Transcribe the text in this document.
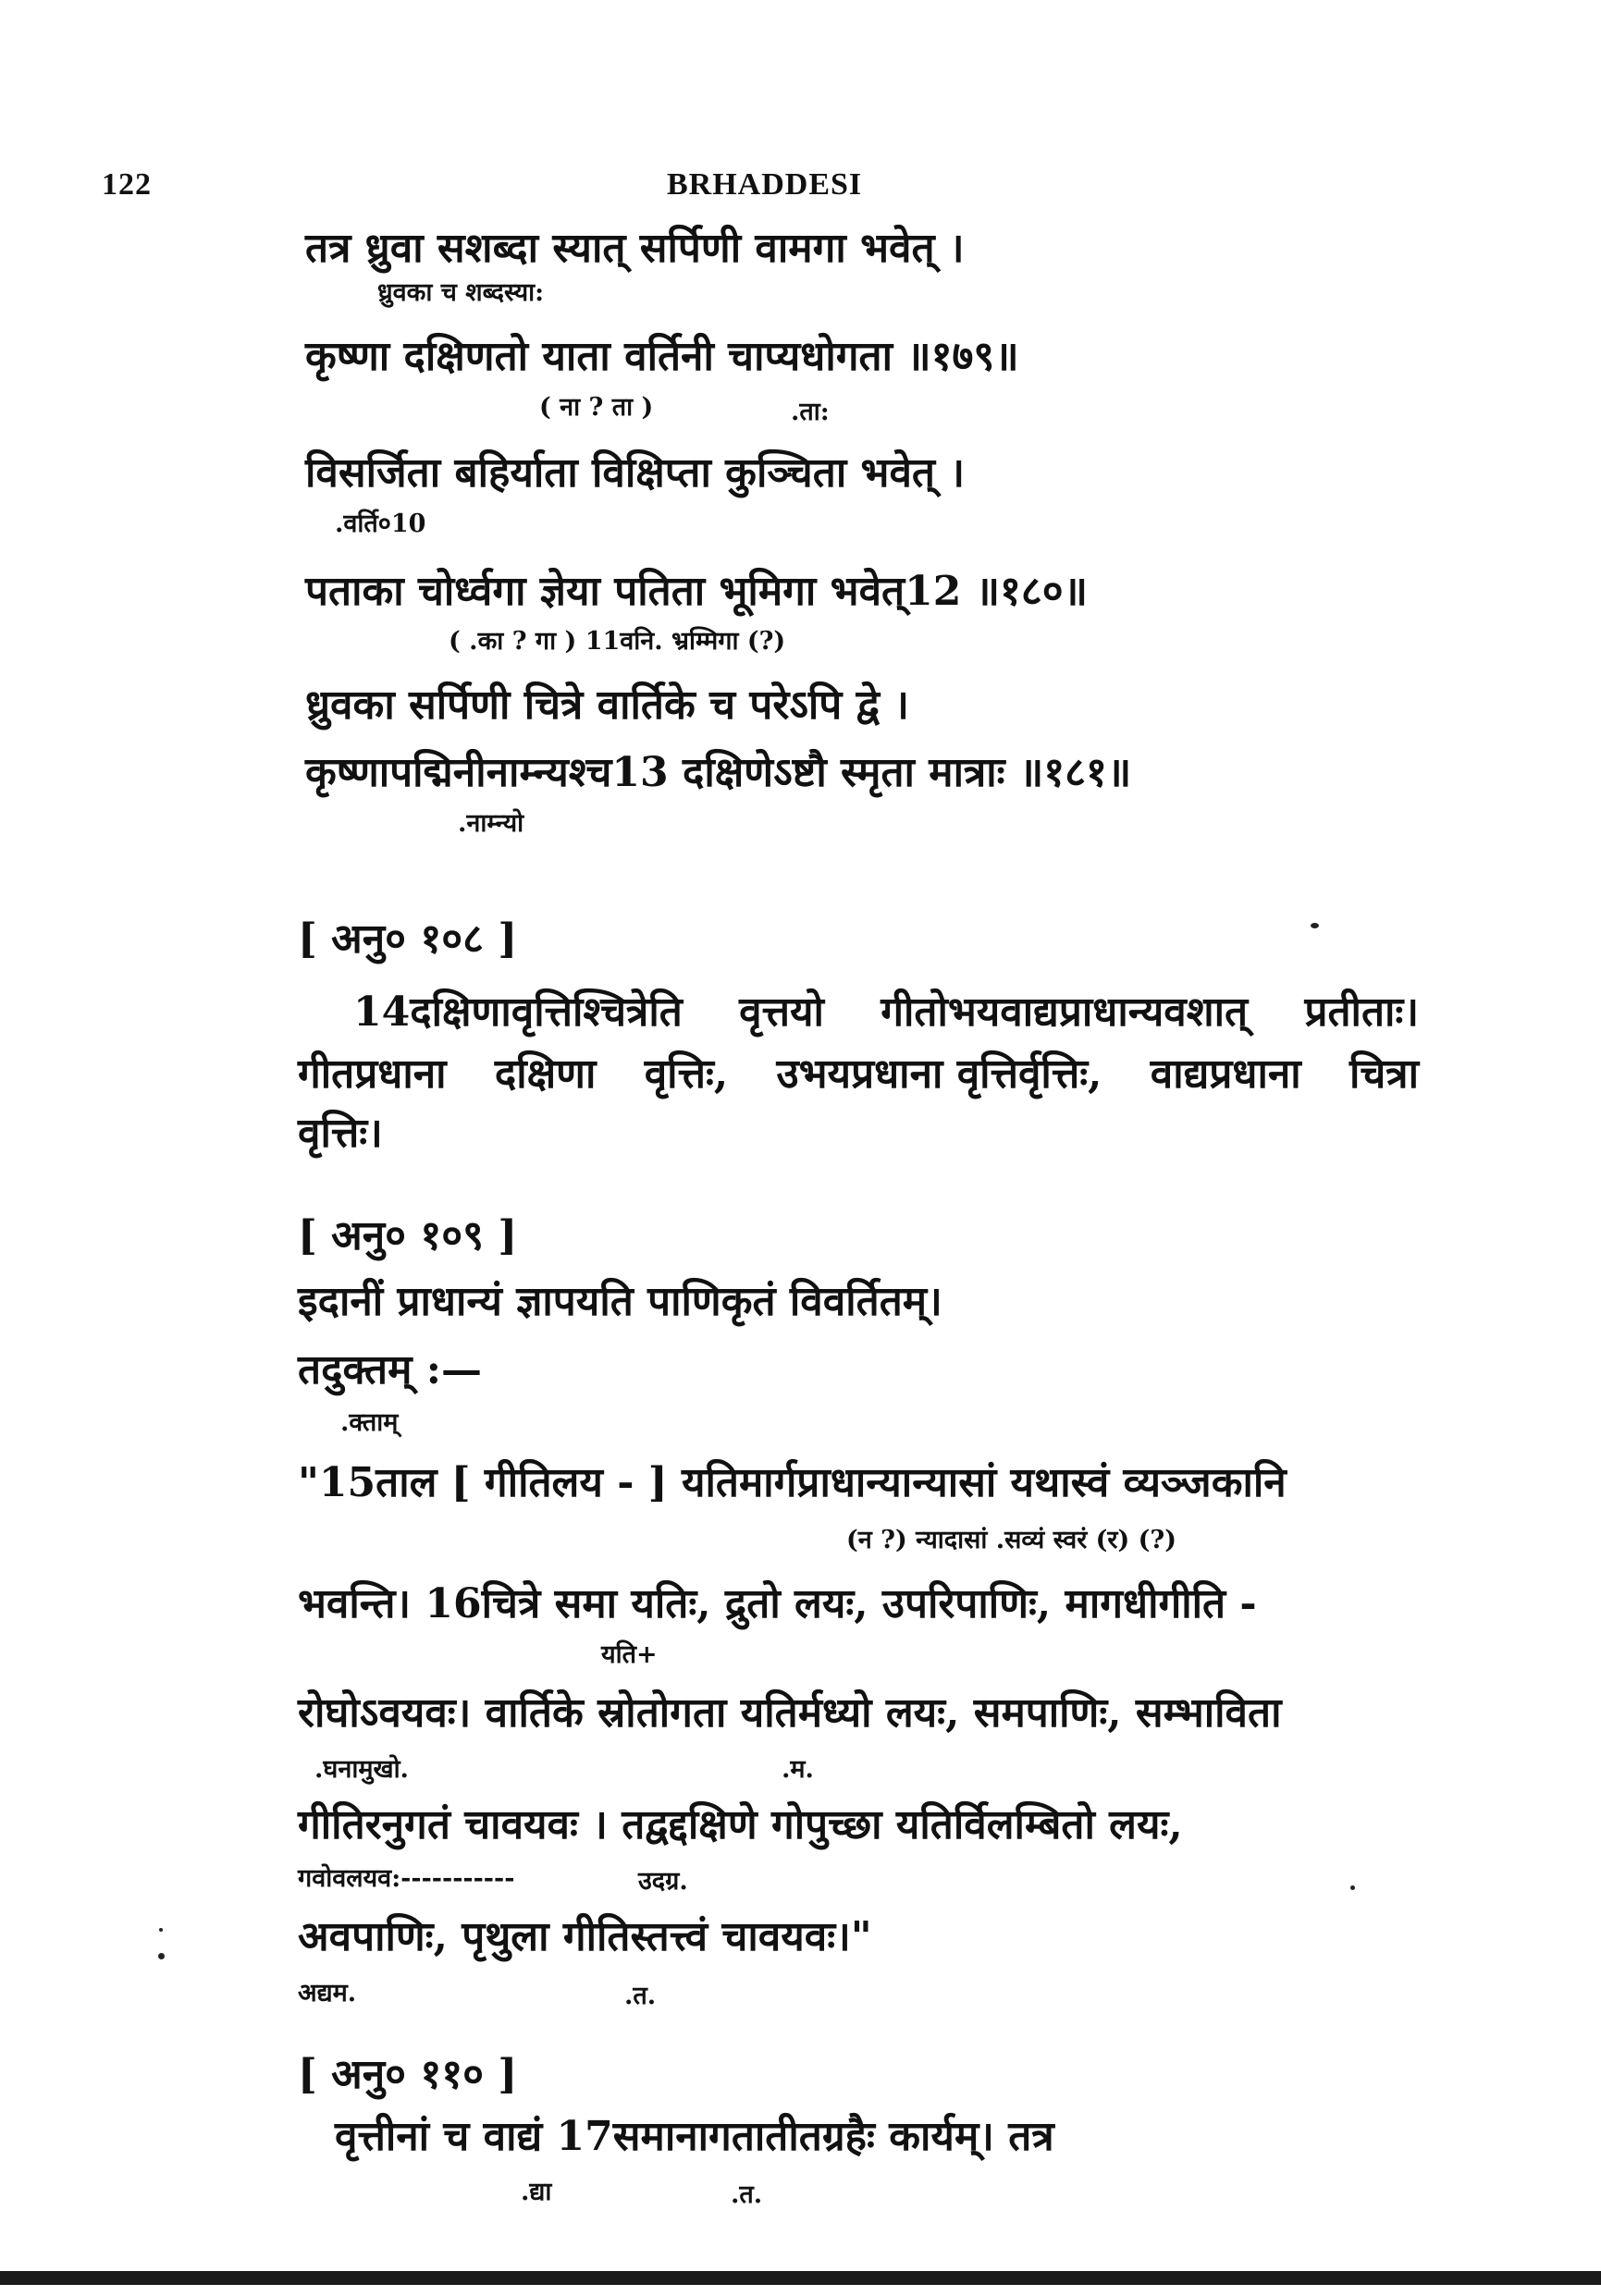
122	BRHADDESI
तत्र ध्रुवा सशब्दा स्यात् सर्पिणी वामगा भवेत् ।
ध्रुवका च शब्दस्या:
कृष्णा दक्षिणतो याता वर्तिनी चाप्यधोगता ॥१७९॥
( ना ? ता )	.ता:
विसर्जिता बहिर्याता विक्षिप्ता कुञ्चिता भवेत् ।
.वर्ति०10
पताका चोर्ध्वगा ज्ञेया पतिता भूमिगा भवेत्12 ॥१८०॥
( .का ? गा ) 11वनि. भ्रम्मिगा (?)
ध्रुवका सर्पिणी चित्रे वार्तिके च परेऽपि द्वे ।
कृष्णापद्मिनीनाम्न्यश्च13 दक्षिणेऽष्टौ स्मृता मात्राः ॥१८१॥
.नाम्न्यो
[ अनु० १०८ ]
14दक्षिणावृत्तिश्चित्रेति वृत्तयो गीतोभयवाद्यप्राधान्यवशात् प्रतीताः।
गीतप्रधाना दक्षिणा वृत्तिः, उभयप्रधाना वृत्तिर्वृत्तिः, वाद्यप्रधाना चित्रा
वृत्तिः।
[ अनु० १०९ ]
इदानीं प्राधान्यं ज्ञापयति पाणिकृतं विवर्तितम्।
तदुक्तम् :—
.क्ताम्
"15ताल [ गीतिलय - ] यतिमार्गप्राधान्यान्यासां यथास्वं व्यञ्जकानि
(न ?) न्यादासां .सव्यं स्वरं (र) (?)
भवन्ति। 16चित्रे समा यतिः, द्रुतो लयः, उपरिपाणिः, मागधीगीति -
यति+
रोघोऽवयवः। वार्तिके स्रोतोगता यतिर्मध्यो लयः, समपाणिः, सम्भाविता
.घनामुखो.	.म.
गीतिरनुगतं चावयवः । तद्वद्दक्षिणे गोपुच्छा यतिर्विलम्बितो लयः,
गवोवलयव:-----------	उदग्र.
अवपाणिः, पृथुला गीतिस्तत्त्वं चावयवः।"
अद्यम.	.त.
[ अनु० ११० ]
वृत्तीनां च वाद्यं 17समानागतातीतग्रहैः कार्यम्। तत्र
.द्या	.त.
